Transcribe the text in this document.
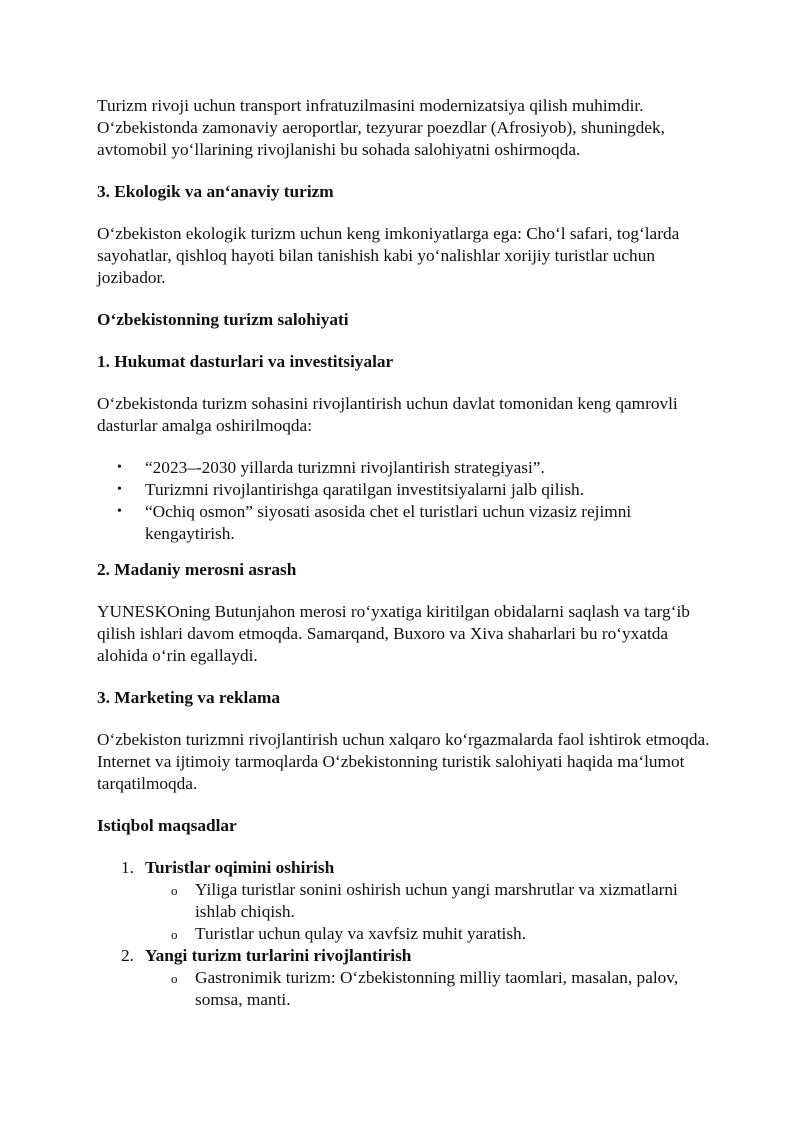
Turizm rivoji uchun transport infratuzilmasini modernizatsiya qilish muhimdir. O‘zbekistonda zamonaviy aeroportlar, tezyurar poezdlar (Afrosiyob), shuningdek, avtomobil yo‘llarining rivojlanishi bu sohada salohiyatni oshirmoqda.

3. Ekologik va an‘anaviy turizm

O‘zbekiston ekologik turizm uchun keng imkoniyatlarga ega: Cho‘l safari, tog‘larda sayohatlar, qishloq hayoti bilan tanishish kabi yo‘nalishlar xorijiy turistlar uchun jozibador.

O‘zbekistonning turizm salohiyati

1. Hukumat dasturlari va investitsiyalar

O‘zbekistonda turizm sohasini rivojlantirish uchun davlat tomonidan keng qamrovli dasturlar amalga oshirilmoqda:

• “2023–-2030 yillarda turizmni rivojlantirish strategiyasi”.
• Turizmni rivojlantirishga qaratilgan investitsiyalarni jalb qilish.
• “Ochiq osmon” siyosati asosida chet el turistlari uchun vizasiz rejimni kengaytirish.

2. Madaniy merosni asrash

YUNESKOning Butunjahon merosi ro‘yxatiga kiritilgan obidalarni saqlash va targ‘ib qilish ishlari davom etmoqda. Samarqand, Buxoro va Xiva shaharlari bu ro‘yxatda alohida o‘rin egallaydi.

3. Marketing va reklama

O‘zbekiston turizmni rivojlantirish uchun xalqaro ko‘rgazmalarda faol ishtirok etmoqda. Internet va ijtimoiy tarmoqlarda O‘zbekistonning turistik salohiyati haqida ma‘lumot tarqatilmoqda.

Istiqbol maqsadlar

1. Turistlar oqimini oshirish
o Yiliga turistlar sonini oshirish uchun yangi marshrutlar va xizmatlarni ishlab chiqish.
o Turistlar uchun qulay va xavfsiz muhit yaratish.
2. Yangi turizm turlarini rivojlantirish
o Gastronimik turizm: O‘zbekistonning milliy taomlari, masalan, palov, somsa, manti.
